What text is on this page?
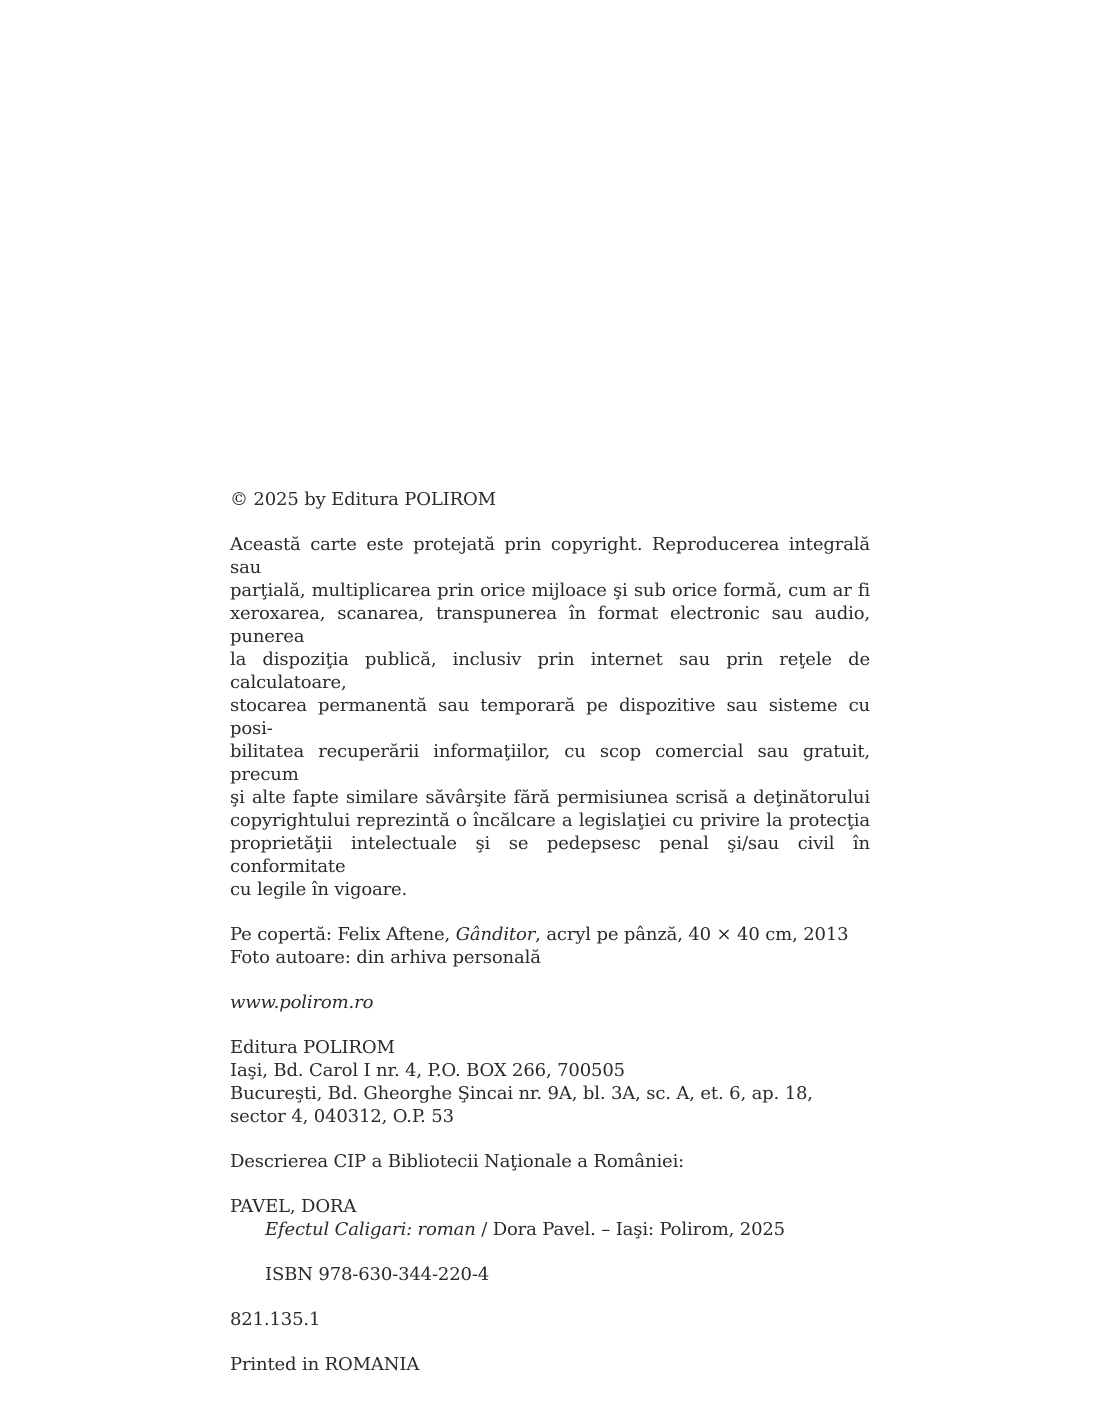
© 2025 by Editura POLIROM
Această carte este protejată prin copyright. Reproducerea integrală sau
parţială, multiplicarea prin orice mijloace şi sub orice formă, cum ar fi
xeroxarea, scanarea, transpunerea în format electronic sau audio, punerea
la dispoziţia publică, inclusiv prin internet sau prin reţele de calculatoare,
stocarea permanentă sau temporară pe dispozitive sau sisteme cu posi-
bilitatea recuperării informaţiilor, cu scop comercial sau gratuit, precum
şi alte fapte similare săvârşite fără permisiunea scrisă a deţinătorului
copyrightului reprezintă o încălcare a legislaţiei cu privire la protecţia
proprietăţii intelectuale şi se pedepsesc penal şi/sau civil în conformitate
cu legile în vigoare.
Pe copertă: Felix Aftene, Gânditor, acryl pe pânză, 40 × 40 cm, 2013
Foto autoare: din arhiva personală
www.polirom.ro
Editura POLIROM
Iaşi, Bd. Carol I nr. 4, P.O. BOX 266, 700505
Bucureşti, Bd. Gheorghe Şincai nr. 9A, bl. 3A, sc. A, et. 6, ap. 18,
sector 4, 040312, O.P. 53
Descrierea CIP a Bibliotecii Naţionale a României:
PAVEL, DORA
Efectul Caligari: roman / Dora Pavel. – Iaşi: Polirom, 2025
ISBN 978-630-344-220-4
821.135.1
Printed in ROMANIA
